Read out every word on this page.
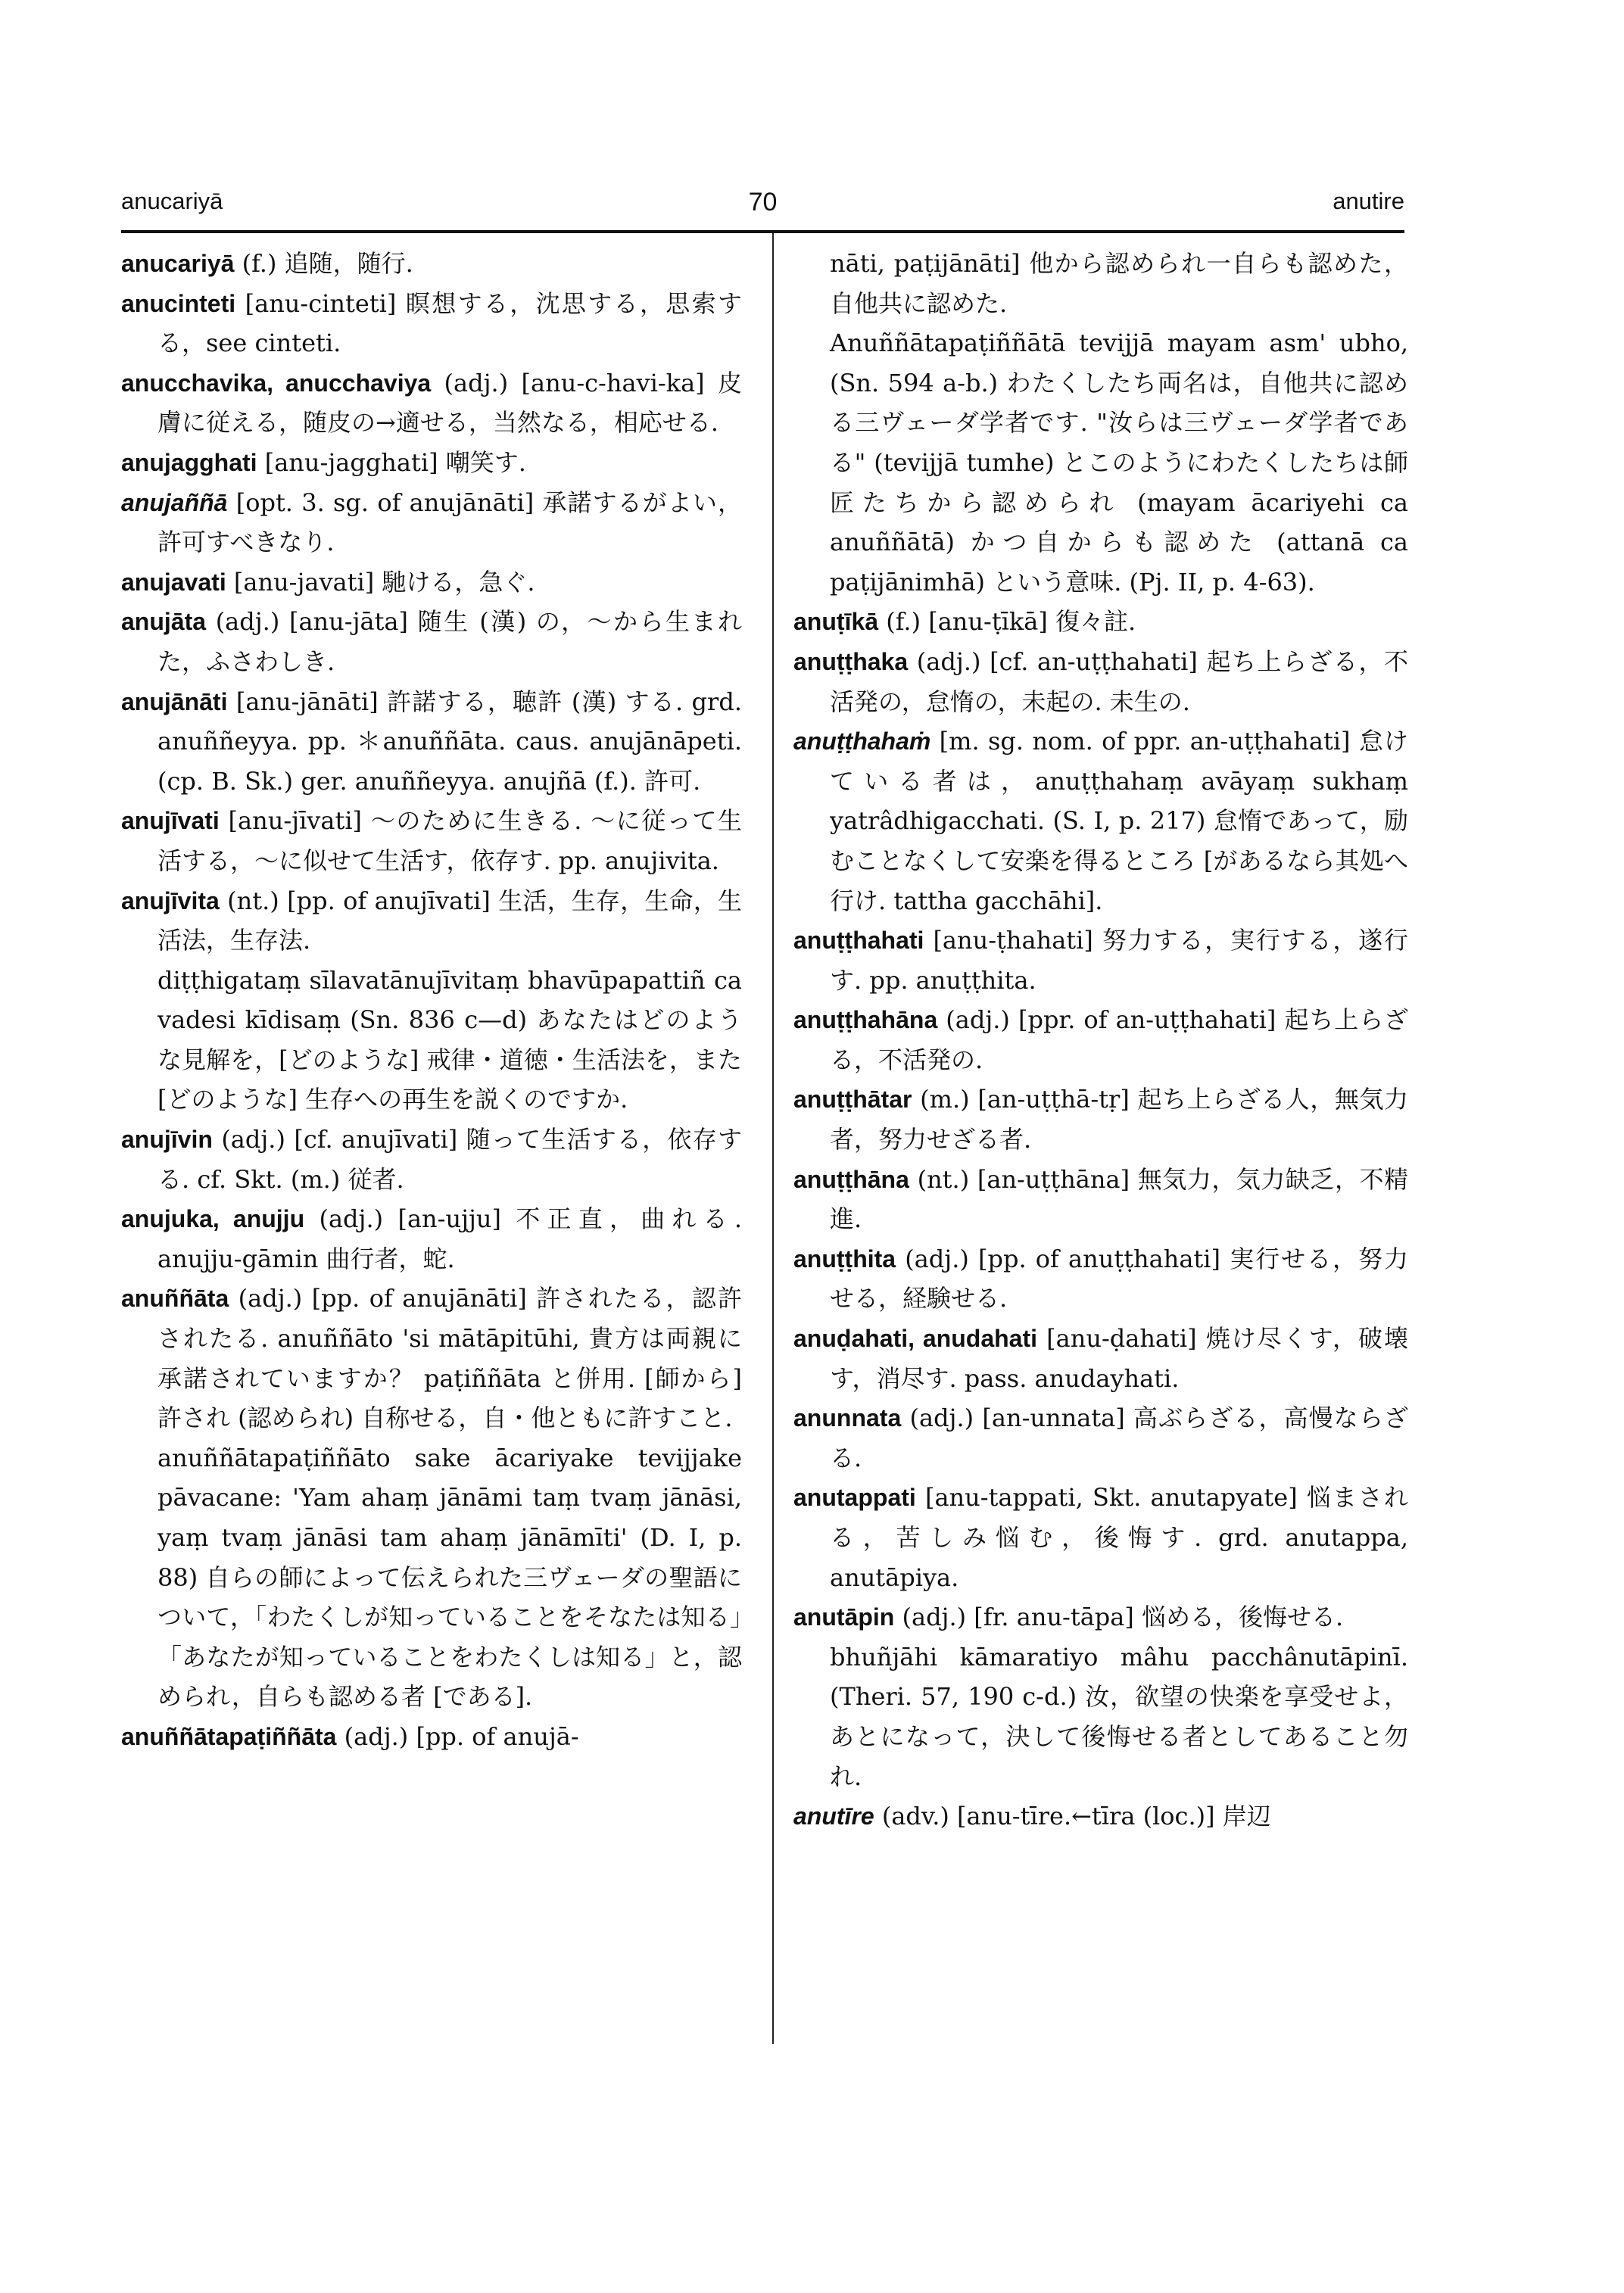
anucariyā	70	anutire

anucariyā (f.) 追随，随行.

anucinteti [anu-cinteti] 瞑想する，沈思する，思索する，see cinteti.

anucchavika, anucchaviya (adj.) [anu-c-havi-ka] 皮膚に従える，随皮の→適せる，当然なる，相応せる.

anujagghati [anu-jagghati] 嘲笑す.

anujaññā [opt. 3. sg. of anujānāti] 承諾するがよい，許可すべきなり.

anujavati [anu-javati] 馳ける，急ぐ.

anujāta (adj.) [anu-jāta] 随生 (漢) の，～から生まれた，ふさわしき.

anujānāti [anu-jānāti] 許諾する，聴許 (漢) する. grd. anuññeyya. pp. ＊anuññāta. caus. anujānāpeti. (cp. B. Sk.) ger. anuññeyya. anujñā (f.). 許可.

anujīvati [anu-jīvati] ～のために生きる. ～に従って生活する，～に似せて生活す，依存す. pp. anujivita.

anujīvita (nt.) [pp. of anujīvati] 生活，生存，生命，生活法，生存法.

diṭṭhigataṃ sīlavatānujīvitaṃ bhavūpapattiñ ca vadesi kīdisaṃ (Sn. 836 c—d) あなたはどのような見解を，[どのような] 戒律・道徳・生活法を，また [どのような] 生存への再生を説くのですか.

anujīvin (adj.) [cf. anujīvati] 随って生活する，依存する. cf. Skt. (m.) 従者.

anujuka, anujju (adj.) [an-ujju] 不正直，曲れる. anujju-gāmin 曲行者，蛇.

anuññāta (adj.) [pp. of anujānāti] 許されたる，認許されたる. anuññāto 'si mātāpitūhi, 貴方は両親に承諾されていますか？ paṭiññāta と併用. [師から] 許され (認められ) 自称せる，自・他ともに許すこと.

anuññātapaṭiññāto sake ācariyake tevijjake pāvacane: 'Yam ahaṃ jānāmi taṃ tvaṃ jānāsi, yaṃ tvaṃ jānāsi tam ahaṃ jānāmīti' (D. I, p. 88) 自らの師によって伝えられた三ヴェーダの聖語について，「わたくしが知っていることをそなたは知る」「あなたが知っていることをわたくしは知る」と，認められ，自らも認める者 [である].

anuññātapaṭiññāta (adj.) [pp. of anujā-

nāti, paṭijānāti] 他から認められ一自らも認めた，自他共に認めた.

Anuññātapaṭiññātā tevijjā mayam asm' ubho, (Sn. 594 a-b.) わたくしたち両名は，自他共に認める三ヴェーダ学者です. "汝らは三ヴェーダ学者である" (tevijjā tumhe) とこのようにわたくしたちは師匠たちから認められ (mayam ācariyehi ca anuññātā) かつ自からも認めた (attanā ca paṭijānimhā) という意味. (Pj. II, p. 4-63).

anuṭīkā (f.) [anu-ṭīkā] 復々註.

anuṭṭhaka (adj.) [cf. an-uṭṭhahati] 起ち上らざる，不活発の，怠惰の，未起の. 未生の.

anuṭṭhahaṁ [m. sg. nom. of ppr. an-uṭṭhahati] 怠けている者は，anuṭṭhahaṃ avāyaṃ sukhaṃ yatrâdhigacchati. (S. I, p. 217) 怠惰であって，励むことなくして安楽を得るところ [があるなら其処へ行け. tattha gacchāhi].

anuṭṭhahati [anu-ṭhahati] 努力する，実行する，遂行す. pp. anuṭṭhita.

anuṭṭhahāna (adj.) [ppr. of an-uṭṭhahati] 起ち上らざる，不活発の.

anuṭṭhātar (m.) [an-uṭṭhā-tṛ] 起ち上らざる人，無気力者，努力せざる者.

anuṭṭhāna (nt.) [an-uṭṭhāna] 無気力，気力缺乏，不精進.

anuṭṭhita (adj.) [pp. of anuṭṭhahati] 実行せる，努力せる，経験せる.

anuḍahati, anudahati [anu-ḍahati] 焼け尽くす，破壊す，消尽す. pass. anudayhati.

anunnata (adj.) [an-unnata] 高ぶらざる，高慢ならざる.

anutappati [anu-tappati, Skt. anutapyate] 悩まされる，苦しみ悩む，後悔す. grd. anutappa, anutāpiya.

anutāpin (adj.) [fr. anu-tāpa] 悩める，後悔せる.

bhuñjāhi kāmaratiyo mâhu pacchânutāpinī. (Theri. 57, 190 c-d.) 汝，欲望の快楽を享受せよ，あとになって，決して後悔せる者としてあること勿れ.

anutīre (adv.) [anu-tīre.←tīra (loc.)] 岸辺
